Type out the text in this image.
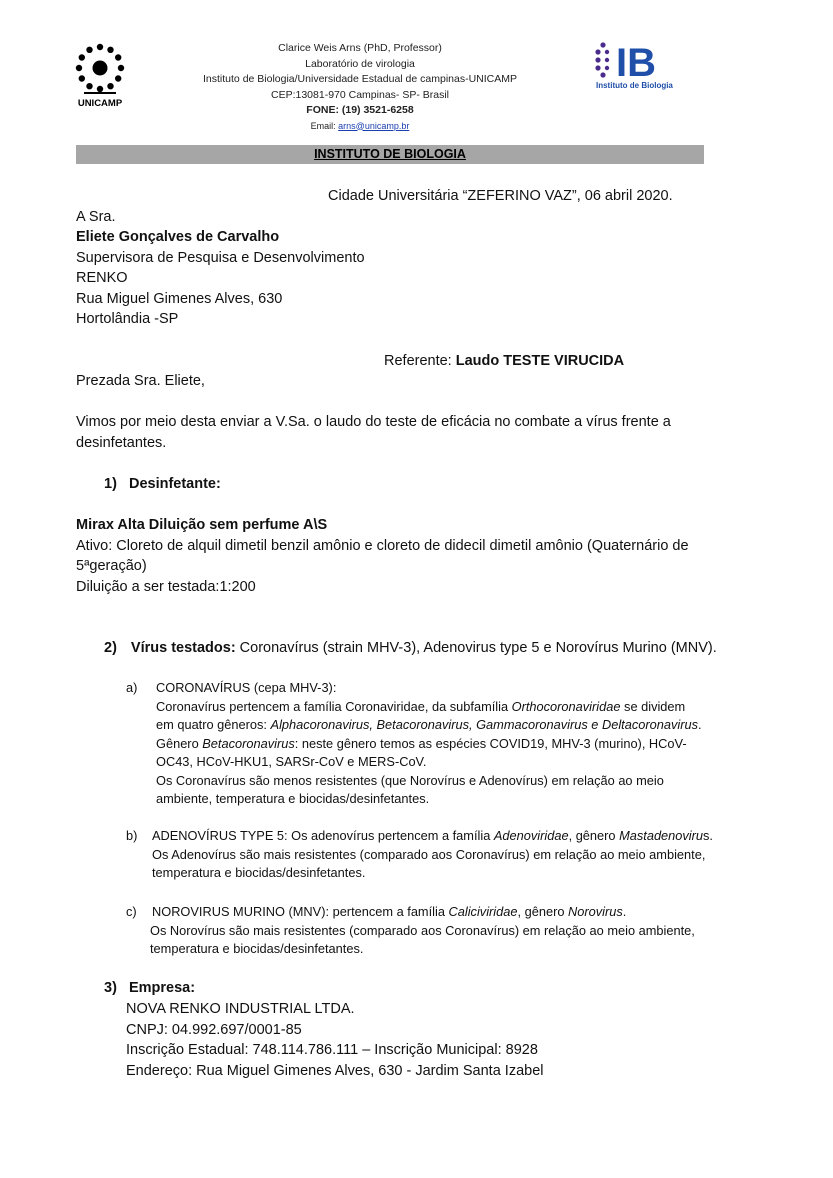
UNICAMP
Clarice Weis Arns (PhD, Professor)
Laboratório de virologia
Instituto de Biologia/Universidade Estadual de campinas-UNICAMP
CEP:13081-970 Campinas- SP- Brasil
FONE: (19) 3521-6258
Email: arns@unicamp.br
IB
Instituto de Biologia
INSTITUTO DE BIOLOGIA
Cidade Universitária “ZEFERINO VAZ”, 06 abril 2020.
A Sra.
Eliete Gonçalves de Carvalho
Supervisora de Pesquisa e Desenvolvimento
RENKO
Rua Miguel Gimenes Alves, 630
Hortolândia -SP
Referente: Laudo TESTE VIRUCIDA
Prezada Sra. Eliete,
Vimos por meio desta enviar a V.Sa. o laudo do teste de eficácia no combate a vírus frente a
desinfetantes.
1)   Desinfetante:
Mirax Alta Diluição sem perfume A\S
Ativo: Cloreto de alquil dimetil benzil amônio e cloreto de didecil dimetil amônio (Quaternário de
5ªgeração)
Diluição a ser testada:1:200
2) Vírus testados: Coronavírus (strain MHV-3), Adenovirus type 5 e Norovírus Murino (MNV).
a) CORONAVÍRUS (cepa MHV-3):
Coronavírus pertencem a família Coronaviridae, da subfamília Orthocoronaviridae se dividem
em quatro gêneros: Alphacoronavirus, Betacoronavirus, Gammacoronavirus e Deltacoronavirus.
Gênero Betacoronavirus: neste gênero temos as espécies COVID19, MHV-3 (murino), HCoV-
OC43, HCoV-HKU1, SARSr-CoV e MERS-CoV.
Os Coronavírus são menos resistentes (que Norovírus e Adenovírus) em relação ao meio
ambiente, temperatura e biocidas/desinfetantes.
b) ADENOVÍRUS TYPE 5: Os adenovírus pertencem a família Adenoviridae, gênero Mastadenovirus.
Os Adenovírus são mais resistentes (comparado aos Coronavírus) em relação ao meio ambiente,
temperatura e biocidas/desinfetantes.
c) NOROVIRUS MURINO (MNV): pertencem a família Caliciviridae, gênero Norovirus.
Os Norovírus são mais resistentes (comparado aos Coronavírus) em relação ao meio ambiente,
temperatura e biocidas/desinfetantes.
3)   Empresa:
NOVA RENKO INDUSTRIAL LTDA.
CNPJ: 04.992.697/0001-85
Inscrição Estadual: 748.114.786.111 – Inscrição Municipal: 8928
Endereço: Rua Miguel Gimenes Alves, 630 - Jardim Santa Izabel
